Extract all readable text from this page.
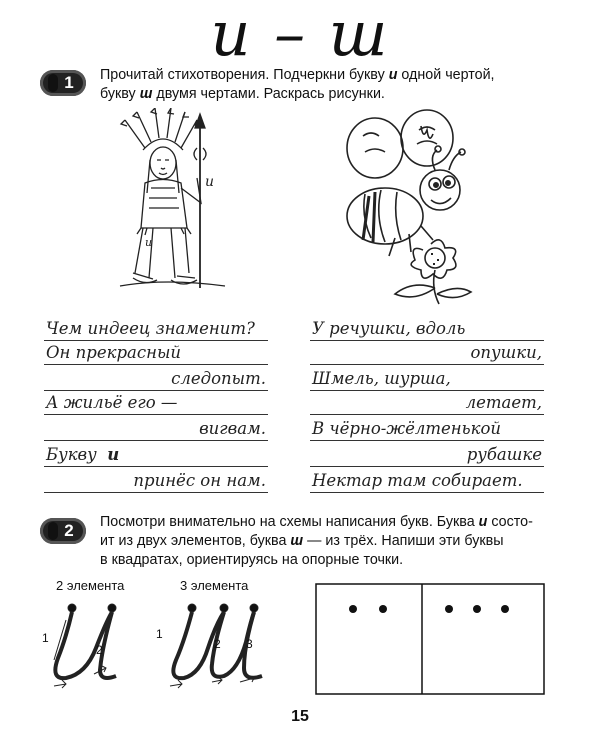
и – ш
1	Прочитай стихотворения. Подчеркни букву и одной чертой,
букву ш двумя чертами. Раскрась рисунки.
и
и
Чем индеец знаменит?
Он прекрасный
следопыт.
А жильё его —
вигвам.
Букву и
принёс он нам.
У речушки, вдоль
опушки,
Шмель, шурша,
летает,
В чёрно-жёлтенькой
рубашке
Нектар там собирает.
2	Посмотри внимательно на схемы написания букв. Буква и состо-
ит из двух элементов, буква ш — из трёх. Напиши эти буквы
в квадратах, ориентируясь на опорные точки.
2 элемента	3 элемента
1
2
1
2 3
15
